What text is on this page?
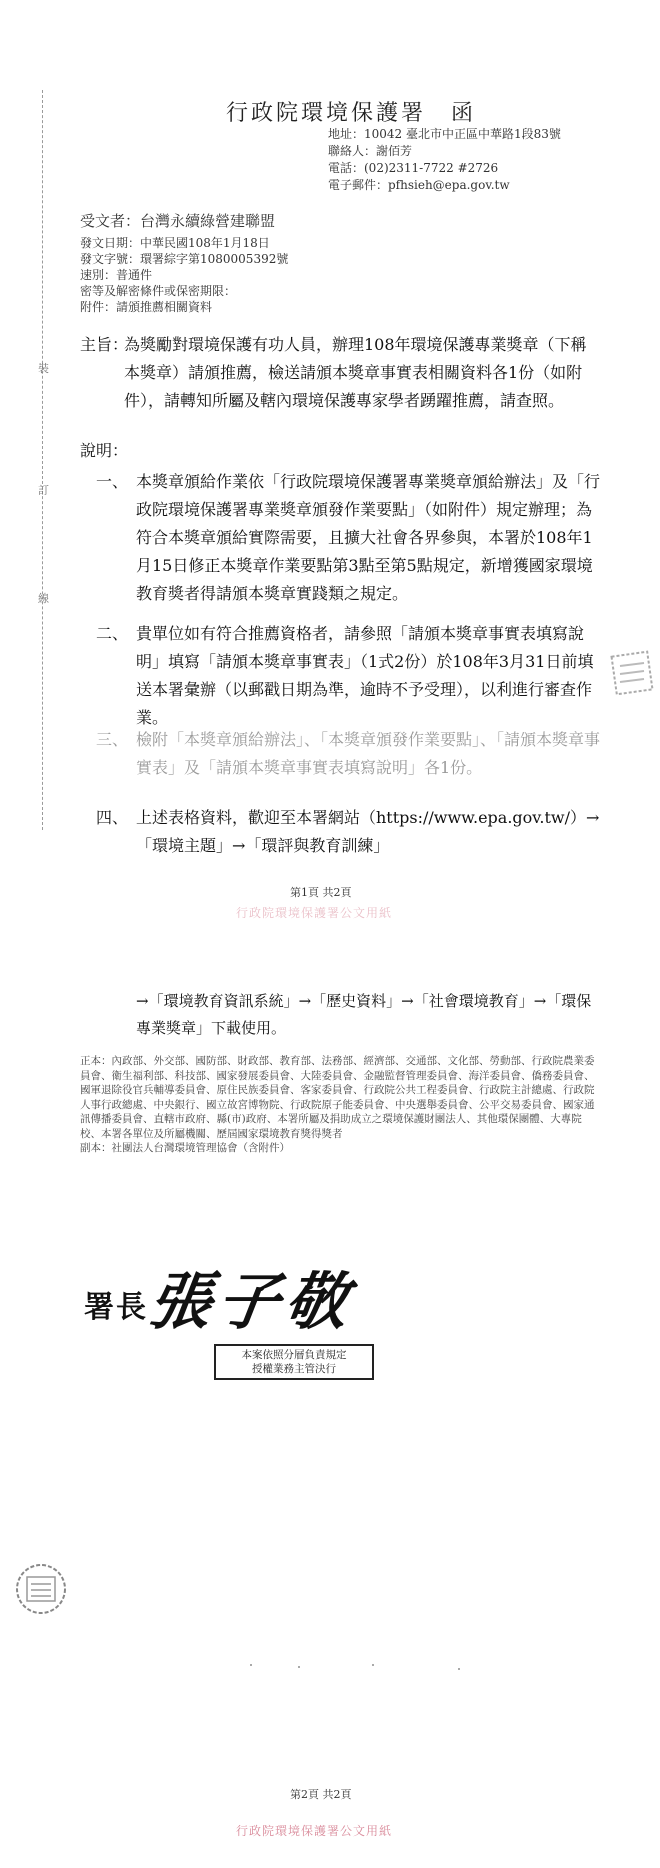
裝
訂
線
行政院環境保護署　函
地址：10042 臺北市中正區中華路1段83號
聯絡人：謝佰芳
電話：(02)2311-7722 #2726
電子郵件：pfhsieh@epa.gov.tw
受文者：台灣永續綠營建聯盟
發文日期：中華民國108年1月18日
發文字號：環署綜字第1080005392號
速別：普通件
密等及解密條件或保密期限：
附件：請頒推薦相關資料
主旨：
為獎勵對環境保護有功人員，辦理108年環境保護專業獎章（下稱本獎章）請頒推薦，檢送請頒本獎章事實表相關資料各1份（如附件），請轉知所屬及轄內環境保護專家學者踴躍推薦，請查照。
說明：
一、 本獎章頒給作業依「行政院環境保護署專業獎章頒給辦法」及「行政院環境保護署專業獎章頒發作業要點」（如附件）規定辦理；為符合本獎章頒給實際需要，且擴大社會各界參與，本署於108年1月15日修正本獎章作業要點第3點至第5點規定，新增獲國家環境教育獎者得請頒本獎章實踐類之規定。
二、 貴單位如有符合推薦資格者，請參照「請頒本獎章事實表填寫說明」填寫「請頒本獎章事實表」（1式2份）於108年3月31日前填送本署彙辦（以郵戳日期為準，逾時不予受理），以利進行審查作業。
三、 檢附「本獎章頒給辦法」、「本獎章頒發作業要點」、「請頒本獎章事實表」及「請頒本獎章事實表填寫說明」各1份。
四、 上述表格資料，歡迎至本署網站（https://www.epa.gov.tw/）→「環境主題」→「環評與教育訓練」
第1頁 共2頁
行政院環境保護署公文用紙
→「環境教育資訊系統」→「歷史資料」→「社會環境教育」→「環保專業獎章」下載使用。
正本：內政部、外交部、國防部、財政部、教育部、法務部、經濟部、交通部、文化部、勞動部、行政院農業委員會、衛生福利部、科技部、國家發展委員會、大陸委員會、金融監督管理委員會、海洋委員會、僑務委員會、國軍退除役官兵輔導委員會、原住民族委員會、客家委員會、行政院公共工程委員會、行政院主計總處、行政院人事行政總處、中央銀行、國立故宮博物院、行政院原子能委員會、中央選舉委員會、公平交易委員會、國家通訊傳播委員會、直轄市政府、縣(市)政府、本署所屬及捐助成立之環境保護財團法人、其他環保團體、大專院校、本署各單位及所屬機關、歷屆國家環境教育獎得獎者
副本：社團法人台灣環境管理協會（含附件）
署長
張子敬
本案依照分層負責規定
授權業務主管決行
第2頁 共2頁
行政院環境保護署公文用紙
